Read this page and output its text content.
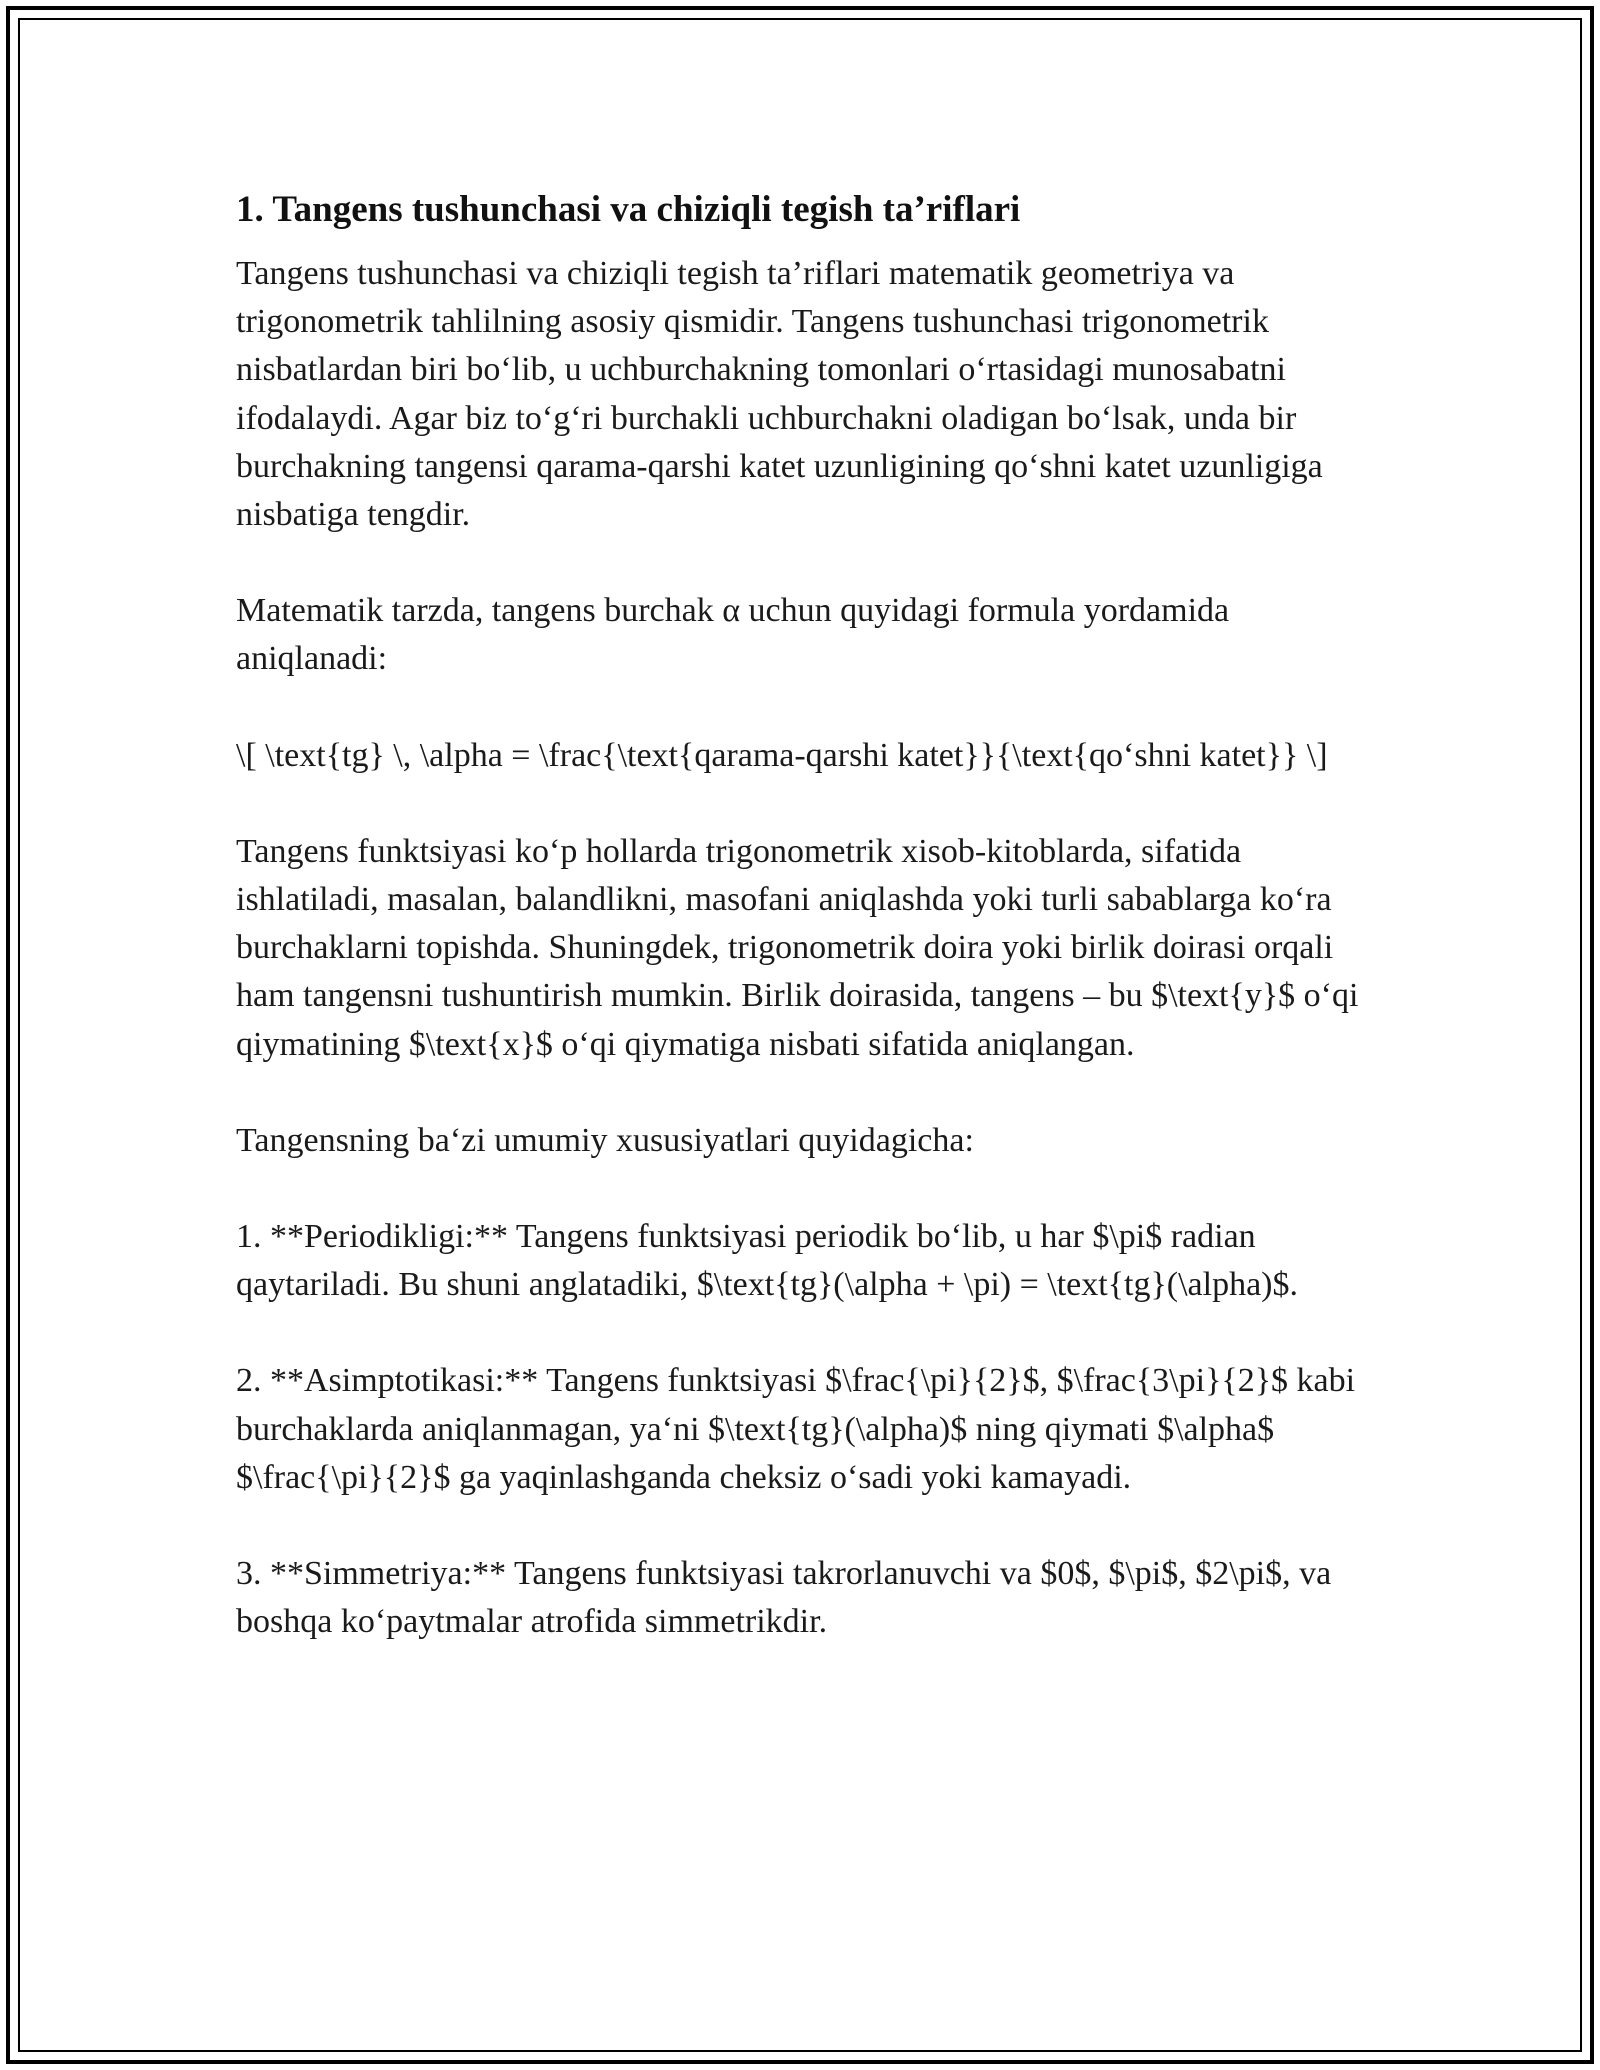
1. Tangens tushunchasi va chiziqli tegish ta’riflari

Tangens tushunchasi va chiziqli tegish ta’riflari matematik geometriya va trigonometrik tahlilning asosiy qismidir. Tangens tushunchasi trigonometrik nisbatlardan biri bo‘lib, u uchburchakning tomonlari o‘rtasidagi munosabatni ifodalaydi. Agar biz to‘g‘ri burchakli uchburchakni oladigan bo‘lsak, unda bir burchakning tangensi qarama-qarshi katet uzunligining qo‘shni katet uzunligiga nisbatiga tengdir.

Matematik tarzda, tangens burchak α uchun quyidagi formula yordamida aniqlanadi:

\[ \text{tg} \, \alpha = \frac{\text{qarama-qarshi katet}}{\text{qo‘shni katet}} \]

Tangens funktsiyasi ko‘p hollarda trigonometrik xisob-kitoblarda, sifatida ishlatiladi, masalan, balandlikni, masofani aniqlashda yoki turli sabablarga ko‘ra burchaklarni topishda. Shuningdek, trigonometrik doira yoki birlik doirasi orqali ham tangensni tushuntirish mumkin. Birlik doirasida, tangens – bu $\text{y}$ o‘qi qiymatining $\text{x}$ o‘qi qiymatiga nisbati sifatida aniqlangan.

Tangensning ba‘zi umumiy xususiyatlari quyidagicha:

1. **Periodikligi:** Tangens funktsiyasi periodik bo‘lib, u har $\pi$ radian qaytariladi. Bu shuni anglatadiki, $\text{tg}(\alpha + \pi) = \text{tg}(\alpha)$.

2. **Asimptotikasi:** Tangens funktsiyasi $\frac{\pi}{2}$, $\frac{3\pi}{2}$ kabi burchaklarda aniqlanmagan, ya‘ni $\text{tg}(\alpha)$ ning qiymati $\alpha$ $\frac{\pi}{2}$ ga yaqinlashganda cheksiz o‘sadi yoki kamayadi.

3. **Simmetriya:** Tangens funktsiyasi takrorlanuvchi va $0$, $\pi$, $2\pi$, va boshqa ko‘paytmalar atrofida simmetrikdir.
